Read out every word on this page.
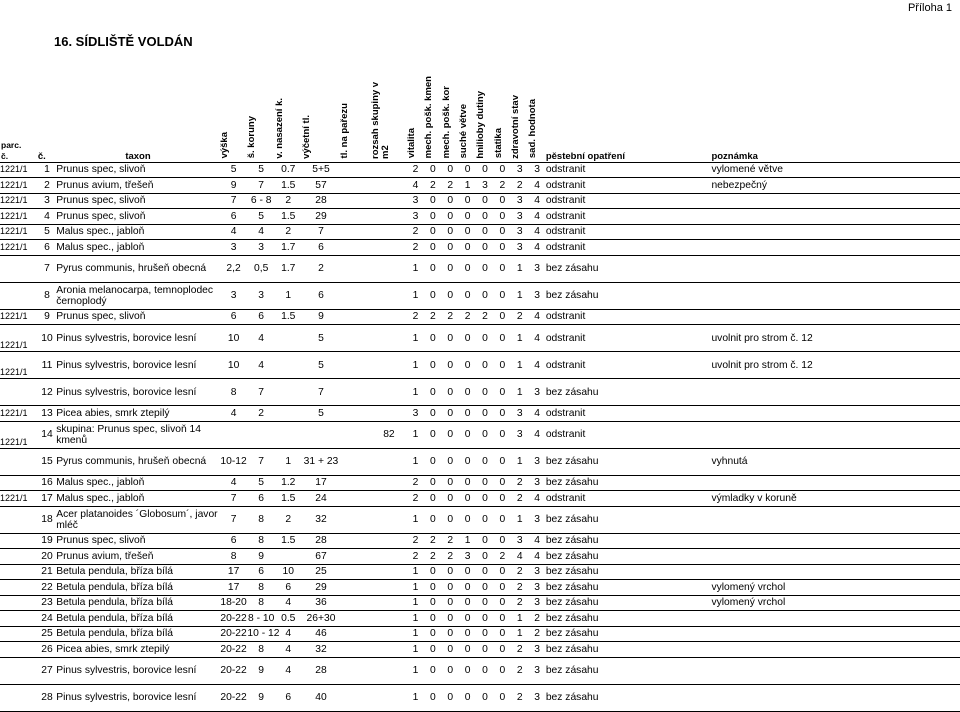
Příloha 1
16. SÍDLIŠTĚ VOLDÁN
parc.
č.	č.	taxon	výška	š. koruny	v. nasazení k.	výčetní tl.	tl. na pařezu	rozsah skupiny v m2	vitalita	mech. pošk. kmen	mech. pošk. kor	suché větve	hnilioby dutiny	statika	zdravotní stav	sad. hodnota	pěstební opatření	poznámka
1221/1	1	Prunus spec, slivoň	5	5	0.7	5+5			2	0	0	0	0	0	3	3	odstranit	vylomené větve
1221/1	2	Prunus avium, třešeň	9	7	1.5	57			4	2	2	1	3	2	2	4	odstranit	nebezpečný
1221/1	3	Prunus spec, slivoň	7	6 - 8	2	28			3	0	0	0	0	0	3	4	odstranit	
1221/1	4	Prunus spec, slivoň	6	5	1.5	29			3	0	0	0	0	0	3	4	odstranit	
1221/1	5	Malus spec., jabloň	4	4	2	7			2	0	0	0	0	0	3	4	odstranit	
1221/1	6	Malus spec., jabloň	3	3	1.7	6			2	0	0	0	0	0	3	4	odstranit	
	7	Pyrus communis, hrušeň obecná	2,2	0,5	1.7	2			1	0	0	0	0	0	1	3	bez zásahu	
	8	Aronia melanocarpa, temnoplodec černoplodý	3	3	1	6			1	0	0	0	0	0	1	3	bez zásahu	
1221/1	9	Prunus spec, slivoň	6	6	1.5	9			2	2	2	2	2	0	2	4	odstranit	
1221/1	10	Pinus sylvestris, borovice lesní	10	4		5			1	0	0	0	0	0	1	4	odstranit	uvolnit pro strom č. 12
1221/1	11	Pinus sylvestris, borovice lesní	10	4		5			1	0	0	0	0	0	1	4	odstranit	uvolnit pro strom č. 12
	12	Pinus sylvestris, borovice lesní	8	7		7			1	0	0	0	0	0	1	3	bez zásahu	
1221/1	13	Picea abies, smrk ztepilý	4	2		5			3	0	0	0	0	0	3	4	odstranit	
1221/1	14	skupina: Prunus spec, slivoň 14 kmenů						82	1	0	0	0	0	0	3	4	odstranit	
	15	Pyrus communis, hrušeň obecná	10-12	7	1	31 + 23			1	0	0	0	0	0	1	3	bez zásahu	vyhnutá
	16	Malus spec., jabloň	4	5	1.2	17			2	0	0	0	0	0	2	3	bez zásahu	
1221/1	17	Malus spec., jabloň	7	6	1.5	24			2	0	0	0	0	0	2	4	odstranit	výmladky v koruně
	18	Acer platanoides ´Globosum´, javor mléč	7	8	2	32			1	0	0	0	0	0	1	3	bez zásahu	
	19	Prunus spec, slivoň	6	8	1.5	28			2	2	2	1	0	0	3	4	bez zásahu	
	20	Prunus avium, třešeň	8	9		67			2	2	2	3	0	2	4	4	bez zásahu	
	21	Betula pendula, bříza bílá	17	6	10	25			1	0	0	0	0	0	2	3	bez zásahu	
	22	Betula pendula, bříza bílá	17	8	6	29			1	0	0	0	0	0	2	3	bez zásahu	vylomený vrchol
	23	Betula pendula, bříza bílá	18-20	8	4	36			1	0	0	0	0	0	2	3	bez zásahu	vylomený vrchol
	24	Betula pendula, bříza bílá	20-22	8 - 10	0.5	26+30			1	0	0	0	0	0	1	2	bez zásahu	
	25	Betula pendula, bříza bílá	20-22	10 - 12	4	46			1	0	0	0	0	0	1	2	bez zásahu	
	26	Picea abies, smrk ztepilý	20-22	8	4	32			1	0	0	0	0	0	2	3	bez zásahu	
	27	Pinus sylvestris, borovice lesní	20-22	9	4	28			1	0	0	0	0	0	2	3	bez zásahu	
	28	Pinus sylvestris, borovice lesní	20-22	9	6	40			1	0	0	0	0	0	2	3	bez zásahu	
